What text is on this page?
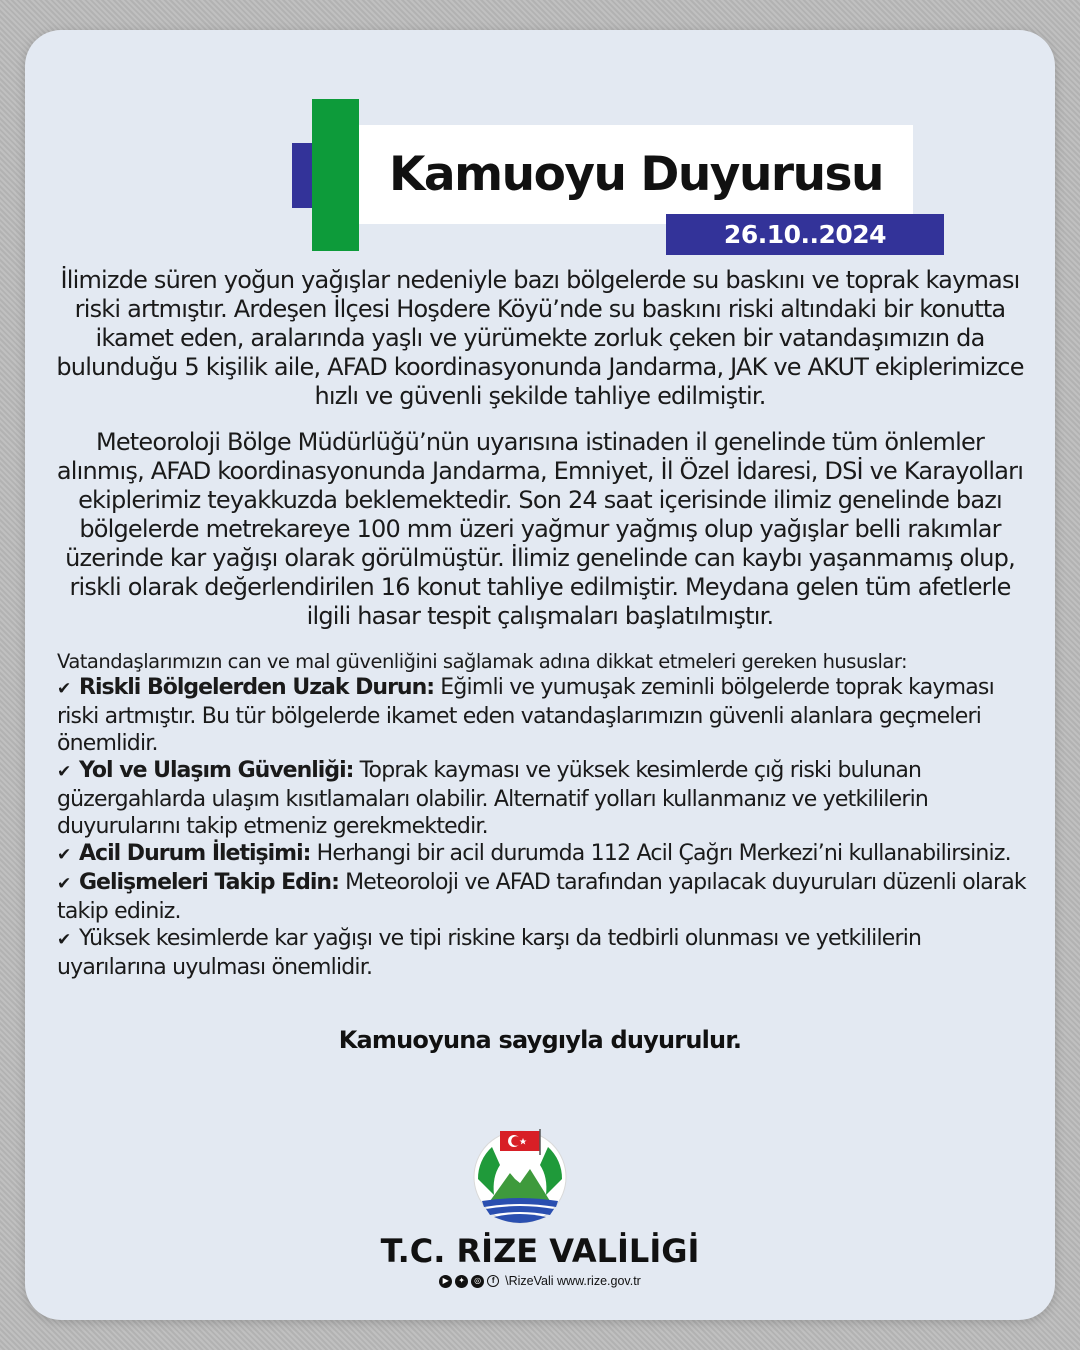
Kamuoyu Duyurusu
26.10..2024

İlimizde süren yoğun yağışlar nedeniyle bazı bölgelerde su baskını ve toprak kayması riski artmıştır. Ardeşen İlçesi Hoşdere Köyü’nde su baskını riski altındaki bir konutta ikamet eden, aralarında yaşlı ve yürümekte zorluk çeken bir vatandaşımızın da bulunduğu 5 kişilik aile, AFAD koordinasyonunda Jandarma, JAK ve AKUT ekiplerimizce hızlı ve güvenli şekilde tahliye edilmiştir.

Meteoroloji Bölge Müdürlüğü’nün uyarısına istinaden il genelinde tüm önlemler alınmış, AFAD koordinasyonunda Jandarma, Emniyet, İl Özel İdaresi, DSİ ve Karayolları ekiplerimiz teyakkuzda beklemektedir. Son 24 saat içerisinde ilimiz genelinde bazı bölgelerde metrekareye 100 mm üzeri yağmur yağmış olup yağışlar belli rakımlar üzerinde kar yağışı olarak görülmüştür. İlimiz genelinde can kaybı yaşanmamış olup, riskli olarak değerlendirilen 16 konut tahliye edilmiştir. Meydana gelen tüm afetlerle ilgili hasar tespit çalışmaları başlatılmıştır.

Vatandaşlarımızın can ve mal güvenliğini sağlamak adına dikkat etmeleri gereken hususlar:

✔ Riskli Bölgelerden Uzak Durun: Eğimli ve yumuşak zeminli bölgelerde toprak kayması riski artmıştır. Bu tür bölgelerde ikamet eden vatandaşlarımızın güvenli alanlara geçmeleri önemlidir.

✔ Yol ve Ulaşım Güvenliği: Toprak kayması ve yüksek kesimlerde çığ riski bulunan güzergahlarda ulaşım kısıtlamaları olabilir. Alternatif yolları kullanmanız ve yetkililerin duyurularını takip etmeniz gerekmektedir.

✔ Acil Durum İletişimi: Herhangi bir acil durumda 112 Acil Çağrı Merkezi’ni kullanabilirsiniz.

✔ Gelişmeleri Takip Edin: Meteoroloji ve AFAD tarafından yapılacak duyuruları düzenli olarak takip ediniz.

✔ Yüksek kesimlerde kar yağışı ve tipi riskine karşı da tedbirli olunması ve yetkililerin uyarılarına uyulması önemlidir.

Kamuoyuna saygıyla duyurulur.
T.C. RİZE VALİLİGİ
▶	✦	◎	f \RizeVali www.rize.gov.tr
